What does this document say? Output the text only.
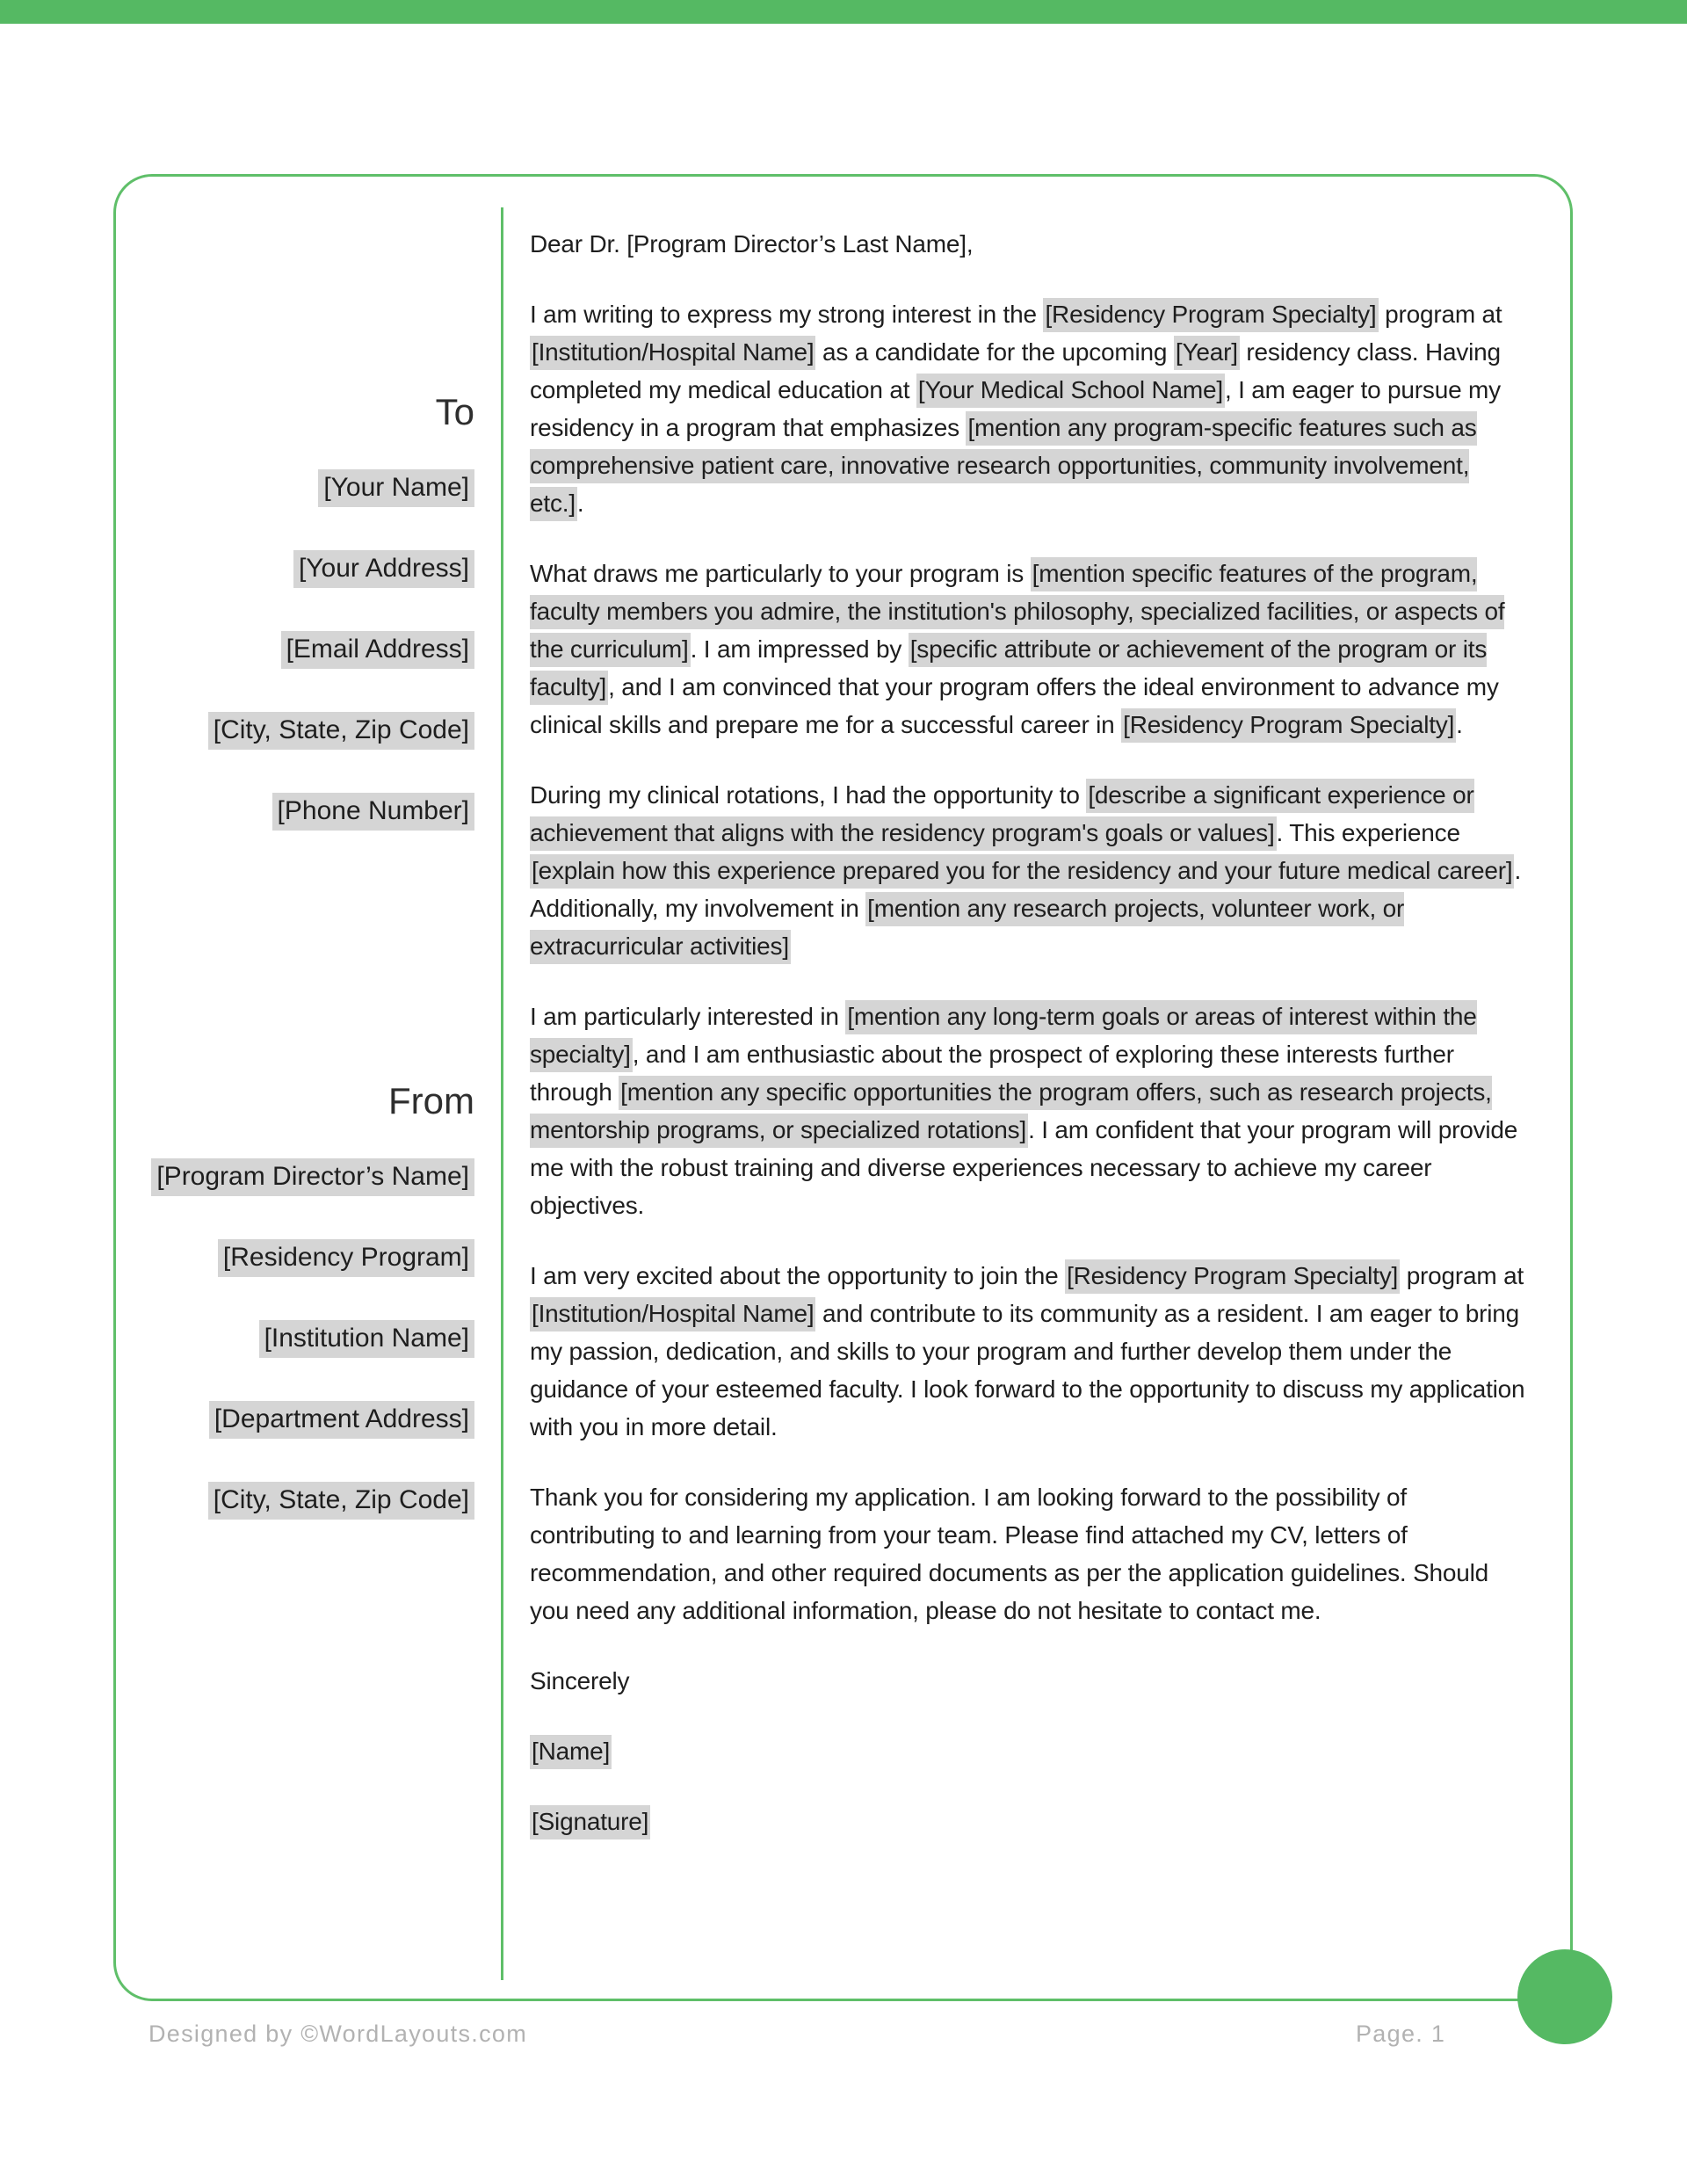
To
[Your Name]
[Your Address]
[Email Address]
[City, State, Zip Code]
[Phone Number]
From
[Program Director’s Name]
[Residency Program]
[Institution Name]
[Department Address]
[City, State, Zip Code]

Dear Dr. [Program Director’s Last Name],

I am writing to express my strong interest in the [Residency Program Specialty] program at [Institution/Hospital Name] as a candidate for the upcoming [Year] residency class. Having completed my medical education at [Your Medical School Name], I am eager to pursue my residency in a program that emphasizes [mention any program-specific features such as comprehensive patient care, innovative research opportunities, community involvement, etc.].

What draws me particularly to your program is [mention specific features of the program, faculty members you admire, the institution's philosophy, specialized facilities, or aspects of the curriculum]. I am impressed by [specific attribute or achievement of the program or its faculty], and I am convinced that your program offers the ideal environment to advance my clinical skills and prepare me for a successful career in [Residency Program Specialty].

During my clinical rotations, I had the opportunity to [describe a significant experience or achievement that aligns with the residency program's goals or values]. This experience [explain how this experience prepared you for the residency and your future medical career]. Additionally, my involvement in [mention any research projects, volunteer work, or extracurricular activities]

I am particularly interested in [mention any long-term goals or areas of interest within the specialty], and I am enthusiastic about the prospect of exploring these interests further through [mention any specific opportunities the program offers, such as research projects, mentorship programs, or specialized rotations]. I am confident that your program will provide me with the robust training and diverse experiences necessary to achieve my career objectives.

I am very excited about the opportunity to join the [Residency Program Specialty] program at [Institution/Hospital Name] and contribute to its community as a resident. I am eager to bring my passion, dedication, and skills to your program and further develop them under the guidance of your esteemed faculty. I look forward to the opportunity to discuss my application with you in more detail.

Thank you for considering my application. I am looking forward to the possibility of contributing to and learning from your team. Please find attached my CV, letters of recommendation, and other required documents as per the application guidelines. Should you need any additional information, please do not hesitate to contact me.

Sincerely

[Name]

[Signature]

Designed by ©WordLayouts.com	Page. 1
